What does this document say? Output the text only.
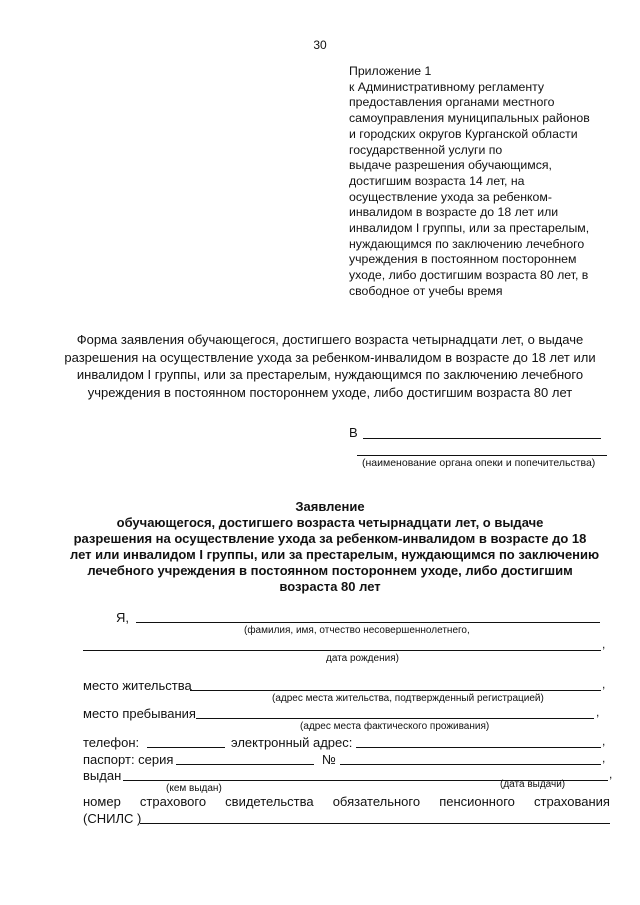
30
Приложение 1
к Административному регламенту
предоставления органами местного
самоуправления муниципальных районов
и городских округов Курганской области
государственной услуги по
выдаче разрешения обучающимся,
достигшим возраста 14 лет, на
осуществление ухода за ребенком-
инвалидом в возрасте до 18 лет или
инвалидом I группы, или за престарелым,
нуждающимся по заключению лечебного
учреждения в постоянном постороннем
уходе, либо достигшим возраста 80 лет, в
свободное от учебы время
Форма заявления обучающегося, достигшего возраста четырнадцати лет, о выдаче
разрешения на осуществление ухода за ребенком-инвалидом в возрасте до 18 лет или
инвалидом I группы, или за престарелым, нуждающимся по заключению лечебного
учреждения в постоянном постороннем уходе, либо достигшим возраста 80 лет
В
(наименование органа опеки и попечительства)
Заявление
обучающегося, достигшего возраста четырнадцати лет, о выдаче
разрешения на осуществление ухода за ребенком-инвалидом в возрасте до 18
лет или инвалидом I группы, или за престарелым, нуждающимся по заключению
лечебного учреждения в постоянном постороннем уходе, либо достигшим
возраста 80 лет
Я,
(фамилия, имя, отчество несовершеннолетнего,
,
дата рождения)
место жительства	,
(адрес места жительства, подтвержденный регистрацией)
место пребывания	,
(адрес места фактического проживания)
телефон:	электронный адрес:	,
паспорт: серия	№	,
выдан	,
(кем выдан)	(дата выдачи)
номер страхового свидетельства обязательного пенсионного страхования
(СНИЛС )
